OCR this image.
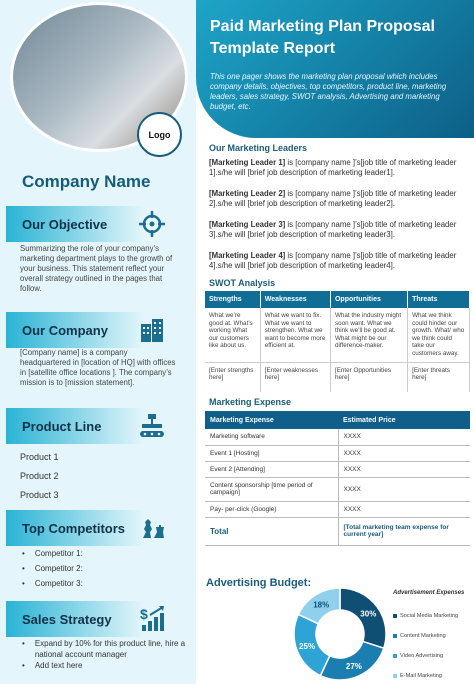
Logo
Company Name
Our Objective
Summarizing the role of your company’s marketing department plays to the growth of your business. This statement reflect your overall strategy outlined in the pages that follow.
Our Company
[Company name] is a company headquartered in [location of HQ] with offices in [satellite office locations ]. The company’s mission is to [mission statement].
Product Line
Product 1
Product 2
Product 3
Top Competitors
• Competitor 1:
• Competitor 2:
• Competitor 3:
Sales Strategy $
• Expand by 10% for this product line, hire a national account manager
• Add text here
Paid Marketing Plan Proposal Template Report

This one pager shows the marketing plan proposal which includes company details, objectives, top competitors, product line, marketing leaders, sales strategy, SWOT analysis, Advertising and marketing budget, etc.

Our Marketing Leaders
[Marketing Leader 1] is [company name ]’s[job title of marketing leader 1].s/he will [brief job description of marketing leader1].
[Marketing Leader 2] is [company name ]’s[job title of marketing leader 2].s/he will [brief job description of marketing leader2].
[Marketing Leader 3] is [company name ]’s[job title of marketing leader 3].s/he will [brief job description of marketing leader3].
[Marketing Leader 4] is [company name ]’s[job title of marketing leader 4].s/he will [brief job description of marketing leader4].
SWOT Analysis
Strengths	Weaknesses	Opportunities	Threats
What we’re good at. What’s working What our customers like about us.	What we want to fix. What we want to strengthen. What we want to become more efficient at.	What the industry might soon want. What we think we’ll be good at. What might be our difference-maker.	What we think could hinder our growth. What/ who we think could take our customers away.
[Enter strengths here]	[Enter weaknesses here]	[Enter Opportunities here]	[Enter threats here]
Marketing Expense
Marketing Expense	Estimated Price
Marketing software	XXXX
Event 1 [Hosting]	XXXX
Event 2 [Attending]	XXXX
Content sponsorship [time period of campaign]	XXXX
Pay- per-click (Google)	XXXX
Total	[Total marketing team expense for current year]
Advertising Budget:
30%
27%
25%
18%
Advertisement Expenses
Social Media Marketing
Content Marketing
Video Advertising
E-Mail Marketing
